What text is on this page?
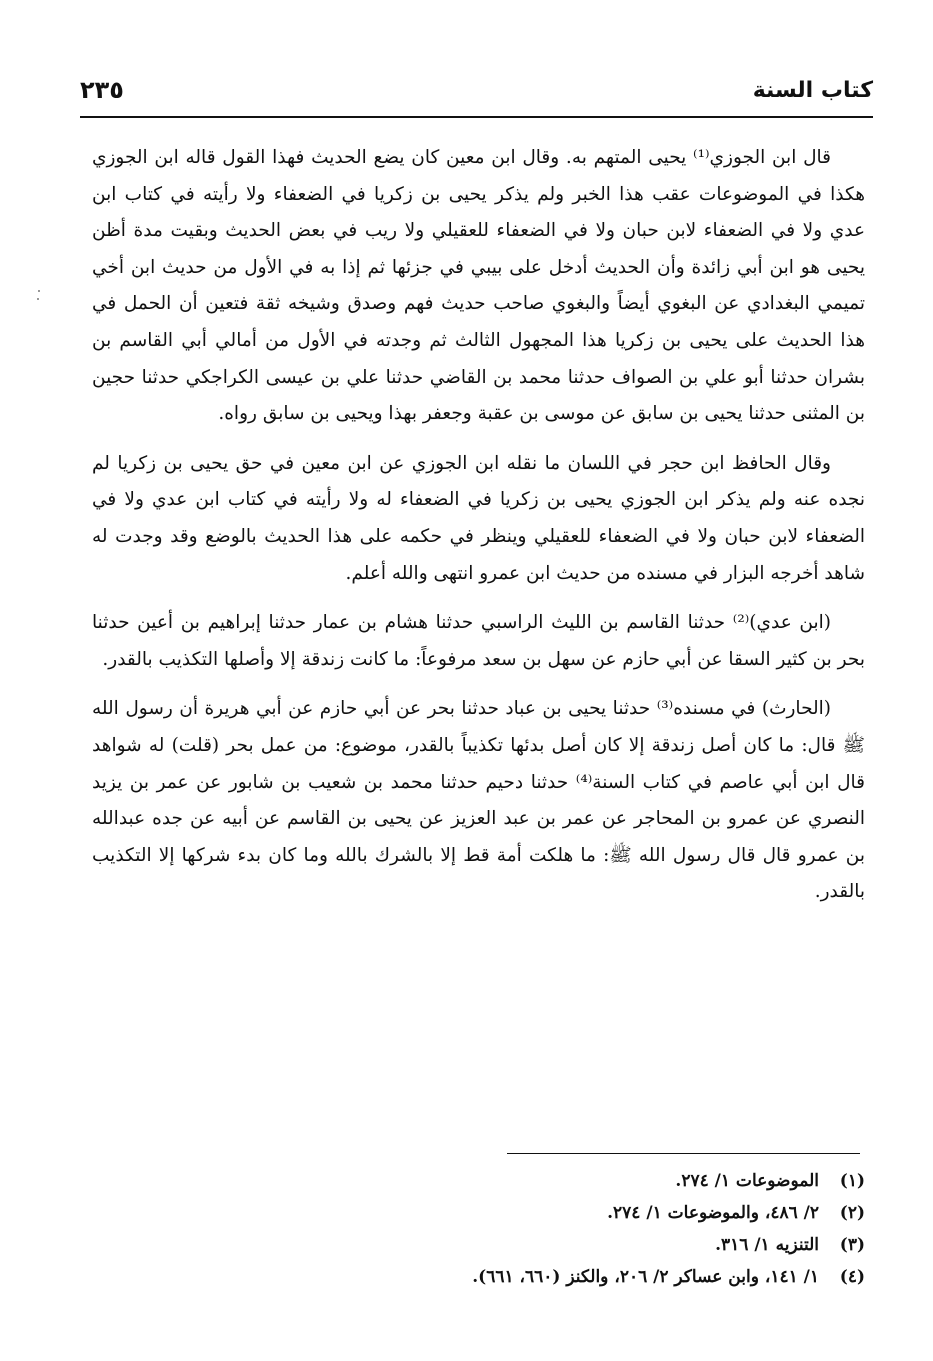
كتاب السنة
٢٣٥

قال ابن الجوزي⁽¹⁾ يحيى المتهم به. وقال ابن معين كان يضع الحديث فهذا القول قاله ابن الجوزي هكذا في الموضوعات عقب هذا الخبر ولم يذكر يحيى بن زكريا في الضعفاء ولا رأيته في كتاب ابن عدي ولا في الضعفاء لابن حبان ولا في الضعفاء للعقيلي ولا ريب في بعض الحديث وبقيت مدة أظن يحيى هو ابن أبي زائدة وأن الحديث أدخل على بيبي في جزئها ثم إذا به في الأول من حديث ابن أخي تميمي البغدادي عن البغوي أيضاً والبغوي صاحب حديث فهم وصدق وشيخه ثقة فتعين أن الحمل في هذا الحديث على يحيى بن زكريا هذا المجهول الثالث ثم وجدته في الأول من أمالي أبي القاسم بن بشران حدثنا أبو علي بن الصواف حدثنا محمد بن القاضي حدثنا علي بن عيسى الكراجكي حدثنا حجين بن المثنى حدثنا يحيى بن سابق عن موسى بن عقبة وجعفر بهذا ويحيى بن سابق رواه.

وقال الحافظ ابن حجر في اللسان ما نقله ابن الجوزي عن ابن معين في حق يحيى بن زكريا لم نجده عنه ولم يذكر ابن الجوزي يحيى بن زكريا في الضعفاء له ولا رأيته في كتاب ابن عدي ولا في الضعفاء لابن حبان ولا في الضعفاء للعقيلي وينظر في حكمه على هذا الحديث بالوضع وقد وجدت له شاهد أخرجه البزار في مسنده من حديث ابن عمرو انتهى والله أعلم.

(ابن عدي)⁽²⁾ حدثنا القاسم بن الليث الراسبي حدثنا هشام بن عمار حدثنا إبراهيم بن أعين حدثنا بحر بن كثير السقا عن أبي حازم عن سهل بن سعد مرفوعاً: ما كانت زندقة إلا وأصلها التكذيب بالقدر.

(الحارث) في مسنده⁽³⁾ حدثنا يحيى بن عباد حدثنا بحر عن أبي حازم عن أبي هريرة أن رسول الله ﷺ قال: ما كان أصل زندقة إلا كان أصل بدئها تكذيباً بالقدر، موضوع: من عمل بحر (قلت) له شواهد قال ابن أبي عاصم في كتاب السنة⁽⁴⁾ حدثنا دحيم حدثنا محمد بن شعيب بن شابور عن عمر بن يزيد النصري عن عمرو بن المحاجر عن عمر بن عبد العزيز عن يحيى بن القاسم عن أبيه عن جده عبدالله بن عمرو قال قال رسول الله ﷺ: ما هلكت أمة قط إلا بالشرك بالله وما كان بدء شركها إلا التكذيب بالقدر.

(١)
الموضوعات ١/ ٢٧٤.
(٢)
٢/ ٤٨٦، والموضوعات ١/ ٢٧٤.
(٣)
التنزيه ١/ ٣١٦.
(٤)
١/ ١٤١، وابن عساكر ٢/ ٢٠٦، والكنز (٦٦٠، ٦٦١).
